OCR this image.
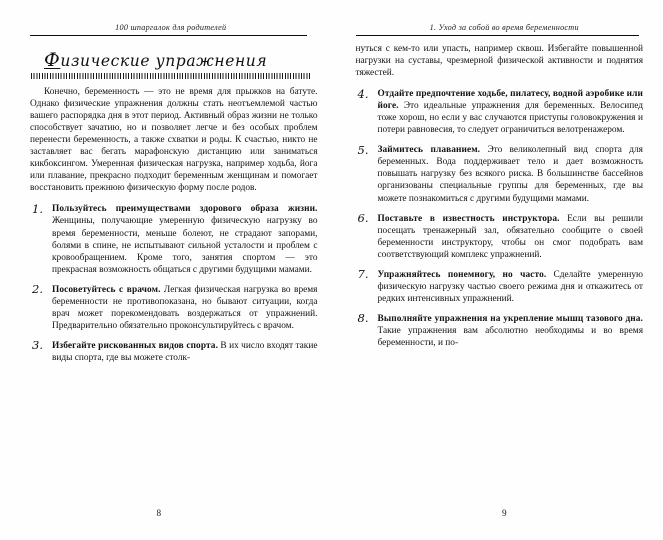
100 шпаргалок для родителей
Физические упражнения

Конечно, беременность — это не время для прыжков на батуте. Однако физические упражнения должны стать неотъемлемой частью вашего распорядка дня в этот период. Активный образ жизни не только способствует зачатию, но и позволяет легче и без особых проблем перенести беременность, а также схватки и роды. К счастью, никто не заставляет вас бегать марафонскую дистанцию или заниматься кикбоксингом. Умеренная физическая нагрузка, например ходьба, йога или плавание, прекрасно подходит беременным женщинам и помогает восстановить прежнюю физическую форму после родов.

1. Пользуйтесь преимуществами здорового образа жизни. Женщины, получающие умеренную физическую нагрузку во время беременности, меньше болеют, не страдают запорами, болями в спине, не испытывают сильной усталости и проблем с кровообращением. Кроме того, занятия спортом — это прекрасная возможность общаться с другими будущими мамами.

2. Посоветуйтесь с врачом. Легкая физическая нагрузка во время беременности не противопоказана, но бывают ситуации, когда врач может порекомендовать воздержаться от упражнений. Предварительно обязательно проконсультируйтесь с врачом.

3. Избегайте рискованных видов спорта. В их число входят такие виды спорта, где вы можете столк-

8
1. Уход за собой во время беременности

нуться с кем-то или упасть, например сквош. Избегайте повышенной нагрузки на суставы, чрезмерной физической активности и поднятия тяжестей.

4. Отдайте предпочтение ходьбе, пилатесу, водной аэробике или йоге. Это идеальные упражнения для беременных. Велосипед тоже хорош, но если у вас случаются приступы головокружения и потери равновесия, то следует ограничиться велотренажером.

5. Займитесь плаванием. Это великолепный вид спорта для беременных. Вода поддерживает тело и дает возможность повышать нагрузку без всякого риска. В большинстве бассейнов организованы специальные группы для беременных, где вы можете познакомиться с другими будущими мамами.

6. Поставьте в известность инструктора. Если вы решили посещать тренажерный зал, обязательно сообщите о своей беременности инструктору, чтобы он смог подобрать вам соответствующий комплекс упражнений.

7. Упражняйтесь понемногу, но часто. Сделайте умеренную физическую нагрузку частью своего режима дня и откажитесь от редких интенсивных упражнений.

8. Выполняйте упражнения на укрепление мышц тазового дна. Такие упражнения вам абсолютно необходимы и во время беременности, и по-

9
